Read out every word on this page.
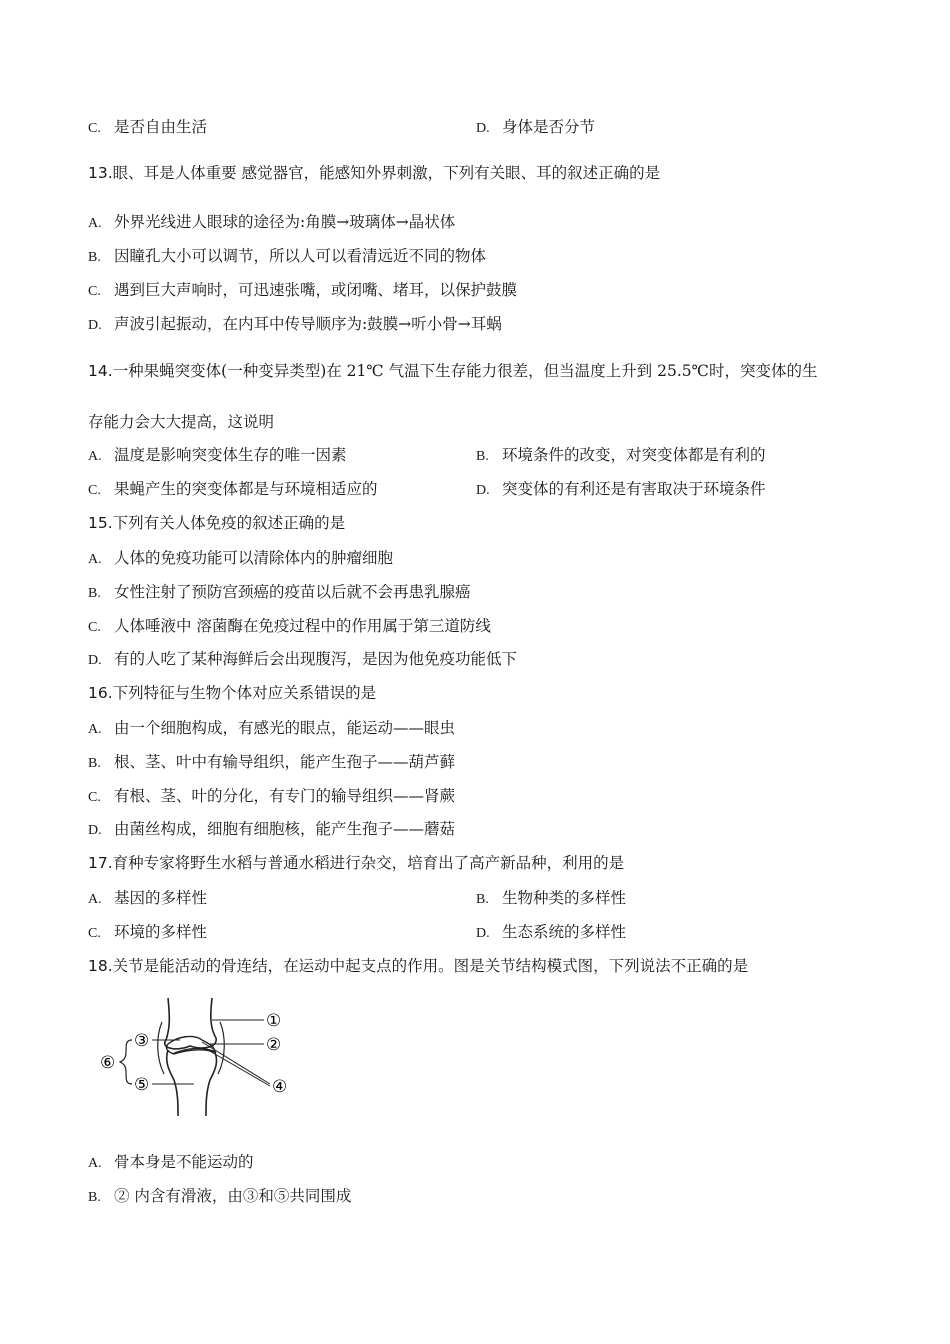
C. 是否自由生活	D. 身体是否分节
13.眼、耳是人体重要 感觉器官，能感知外界刺激，下列有关眼、耳的叙述正确的是
A. 外界光线进人眼球的途径为:角膜→玻璃体→晶状体
B. 因瞳孔大小可以调节，所以人可以看清远近不同的物体
C. 遇到巨大声响时，可迅速张嘴，或闭嘴、堵耳，以保护鼓膜
D. 声波引起振动，在内耳中传导顺序为:鼓膜→听小骨→耳蜗
14.一种果蝇突变体(一种变异类型)在 21℃ 气温下生存能力很差，但当温度上升到 25.5℃时，突变体的生
存能力会大大提高，这说明
A. 温度是影响突变体生存的唯一因素	B. 环境条件的改变，对突变体都是有利的
C. 果蝇产生的突变体都是与环境相适应的	D. 突变体的有利还是有害取决于环境条件
15.下列有关人体免疫的叙述正确的是
A. 人体的免疫功能可以清除体内的肿瘤细胞
B. 女性注射了预防宫颈癌的疫苗以后就不会再患乳腺癌
C. 人体唾液中 溶菌酶在免疫过程中的作用属于第三道防线
D. 有的人吃了某种海鲜后会出现腹泻，是因为他免疫功能低下
16.下列特征与生物个体对应关系错误的是
A. 由一个细胞构成，有感光的眼点，能运动——眼虫
B. 根、茎、叶中有输导组织，能产生孢子——葫芦藓
C. 有根、茎、叶的分化，有专门的输导组织——肾蕨
D. 由菌丝构成，细胞有细胞核，能产生孢子——蘑菇
17.育种专家将野生水稻与普通水稻进行杂交，培育出了高产新品种，利用的是
A. 基因的多样性	B. 生物种类的多样性
C. 环境的多样性	D. 生态系统的多样性
18.关节是能活动的骨连结，在运动中起支点的作用。图是关节结构模式图，下列说法不正确的是
①
②
③
④
⑤
⑥
A. 骨本身是不能运动的
B. ② 内含有滑液，由③和⑤共同围成
